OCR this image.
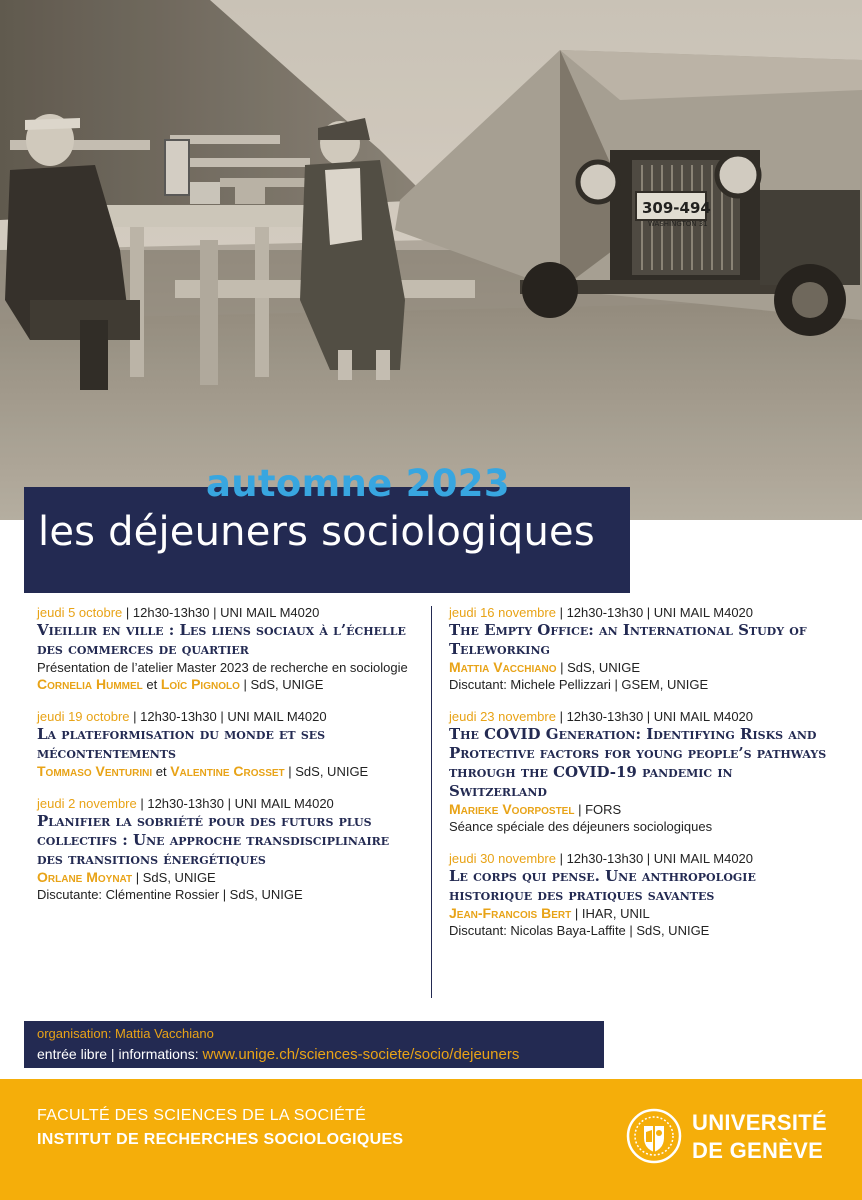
309-494
WASHINGTON 31
automne 2023
les déjeuners sociologiques
jeudi 5 octobre | 12h30-13h30 | UNI MAIL M4020
Vieillir en ville : Les liens sociaux à l’échelle des commerces de quartier
Présentation de l’atelier Master 2023 de recherche en sociologie
Cornelia Hummel et Loïc Pignolo | SdS, UNIGE
jeudi 19 octobre | 12h30-13h30 | UNI MAIL M4020
La plateformisation du monde et ses mécontentements
Tommaso Venturini et Valentine Crosset | SdS, UNIGE
jeudi 2 novembre | 12h30-13h30 | UNI MAIL M4020
Planifier la sobriété pour des futurs plus collectifs : Une approche transdisciplinaire des transitions énergétiques
Orlane Moynat | SdS, UNIGE
Discutante: Clémentine Rossier | SdS, UNIGE
jeudi 16 novembre | 12h30-13h30 | UNI MAIL M4020
The Empty Office: an International Study of Teleworking
Mattia Vacchiano | SdS, UNIGE
Discutant: Michele Pellizzari | GSEM, UNIGE
jeudi 23 novembre | 12h30-13h30 | UNI MAIL M4020
The COVID Generation: Identifying Risks and Protective factors for young people’s pathways through the COVID-19 pandemic in Switzerland
Marieke Voorpostel | FORS
Séance spéciale des déjeuners sociologiques
jeudi 30 novembre | 12h30-13h30 | UNI MAIL M4020
Le corps qui pense. Une anthropologie historique des pratiques savantes
Jean-Francois Bert | IHAR, UNIL
Discutant: Nicolas Baya-Laffite | SdS, UNIGE
organisation: Mattia Vacchiano
entrée libre | informations: www.unige.ch/sciences-societe/socio/dejeuners
FACULTÉ DES SCIENCES DE LA SOCIÉTÉ
INSTITUT DE RECHERCHES SOCIOLOGIQUES
UNIVERSITÉ
DE GENÈVE
